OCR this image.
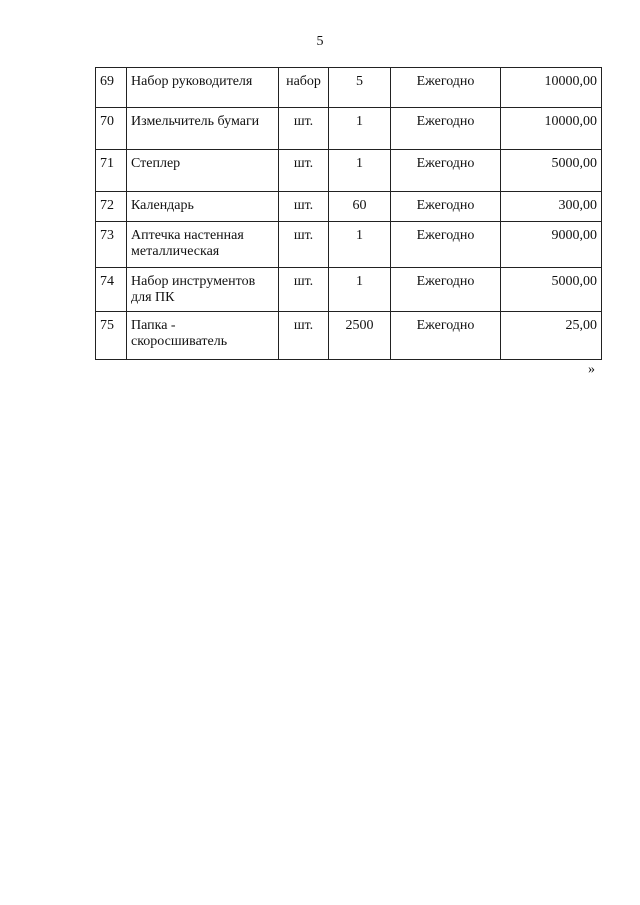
5
69	Набор руководителя	набор	5	Ежегодно	10000,00
70	Измельчитель бумаги	шт.	1	Ежегодно	10000,00
71	Степлер	шт.	1	Ежегодно	5000,00
72	Календарь	шт.	60	Ежегодно	300,00
73	Аптечка настенная металлическая	шт.	1	Ежегодно	9000,00
74	Набор инструментов для ПК	шт.	1	Ежегодно	5000,00
75	Папка - скоросшиватель	шт.	2500	Ежегодно	25,00
»
